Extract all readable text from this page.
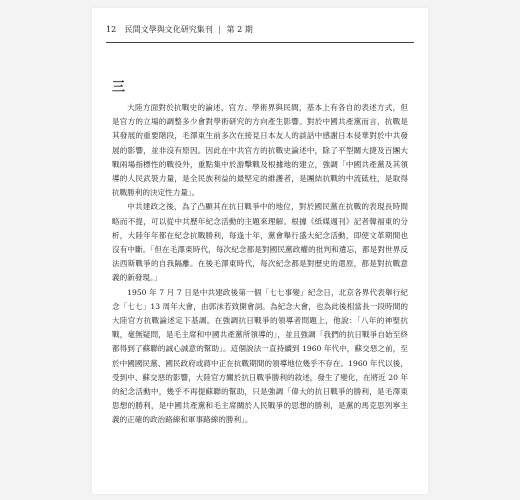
12 民間文學與文化研究集刊 | 第 2 期
三

大陸方面對於抗戰史的論述，官方、學術界與民間，基本上有各自的表述方式，但是官方的立場的調整多少會對學術研究的方向產生影響。對於中國共產黨而言，抗戰是其發展的重要階段，毛澤東生前多次在接見日本友人的談話中感謝日本侵華對於中共發展的影響，並非沒有原因。因此在中共官方的抗戰史論述中，除了平型關大捷及百團大戰兩場指標性的戰役外，重點集中於游擊戰及根據地的建立，強調「中國共產黨及其領導的人民武裝力量，是全民族利益的最堅定的維護者，是團結抗戰的中流砥柱，是取得抗戰勝利的決定性力量」。

中共建政之後，為了凸顯其在抗日戰爭中的地位，對於國民黨在抗戰的表現長時間略而不提，可以從中共歷年紀念活動的主題來理解。根據《紙媒週刊》記者韓福東的分析，大陸年年都在紀念抗戰勝利，每逢十年，黨會舉行盛大紀念活動，即使文革期間也沒有中斷。「但在毛澤東時代，每次紀念都是對國民黨政權的批判和遺忘，都是對世界反法西斯戰爭的自我隔離。在後毛澤東時代，每次紀念都是對歷史的還原，都是對抗戰意義的新發現。」

1950 年 7 月 7 日是中共建政後第一個「七七事變」紀念日，北京各界代表舉行紀念「七七」13 周年大會，由郭沫若致開會詞。為紀念大會，也為此後相當長一段時間的大陸官方抗戰論述定下基調。在強調抗日戰爭的領導者問題上，他說：「八年的神聖抗戰，毫無疑問，是毛主席和中國共產黨所領導的」，並且強調「我們的抗日戰爭自始至終都得到了蘇聯的誠心誠意的幫助」。這個說法一直持續到 1960 年代中，蘇交惡之前，至於中國國民黨、國民政府或蔣中正在抗戰期間的領導地位幾乎不存在。1960 年代以後，受到中、蘇交惡的影響，大陸官方關於抗日戰爭勝利的敘述，發生了變化，在將近 20 年的紀念活動中，幾乎不再提蘇聯的幫助，只是強調「偉大的抗日戰爭的勝利，是毛澤東思想的勝利，是中國共產黨和毛主席關於人民戰爭的思想的勝利，是黨的馬克思列寧主義的正確的政治路線和軍事路線的勝利」。
